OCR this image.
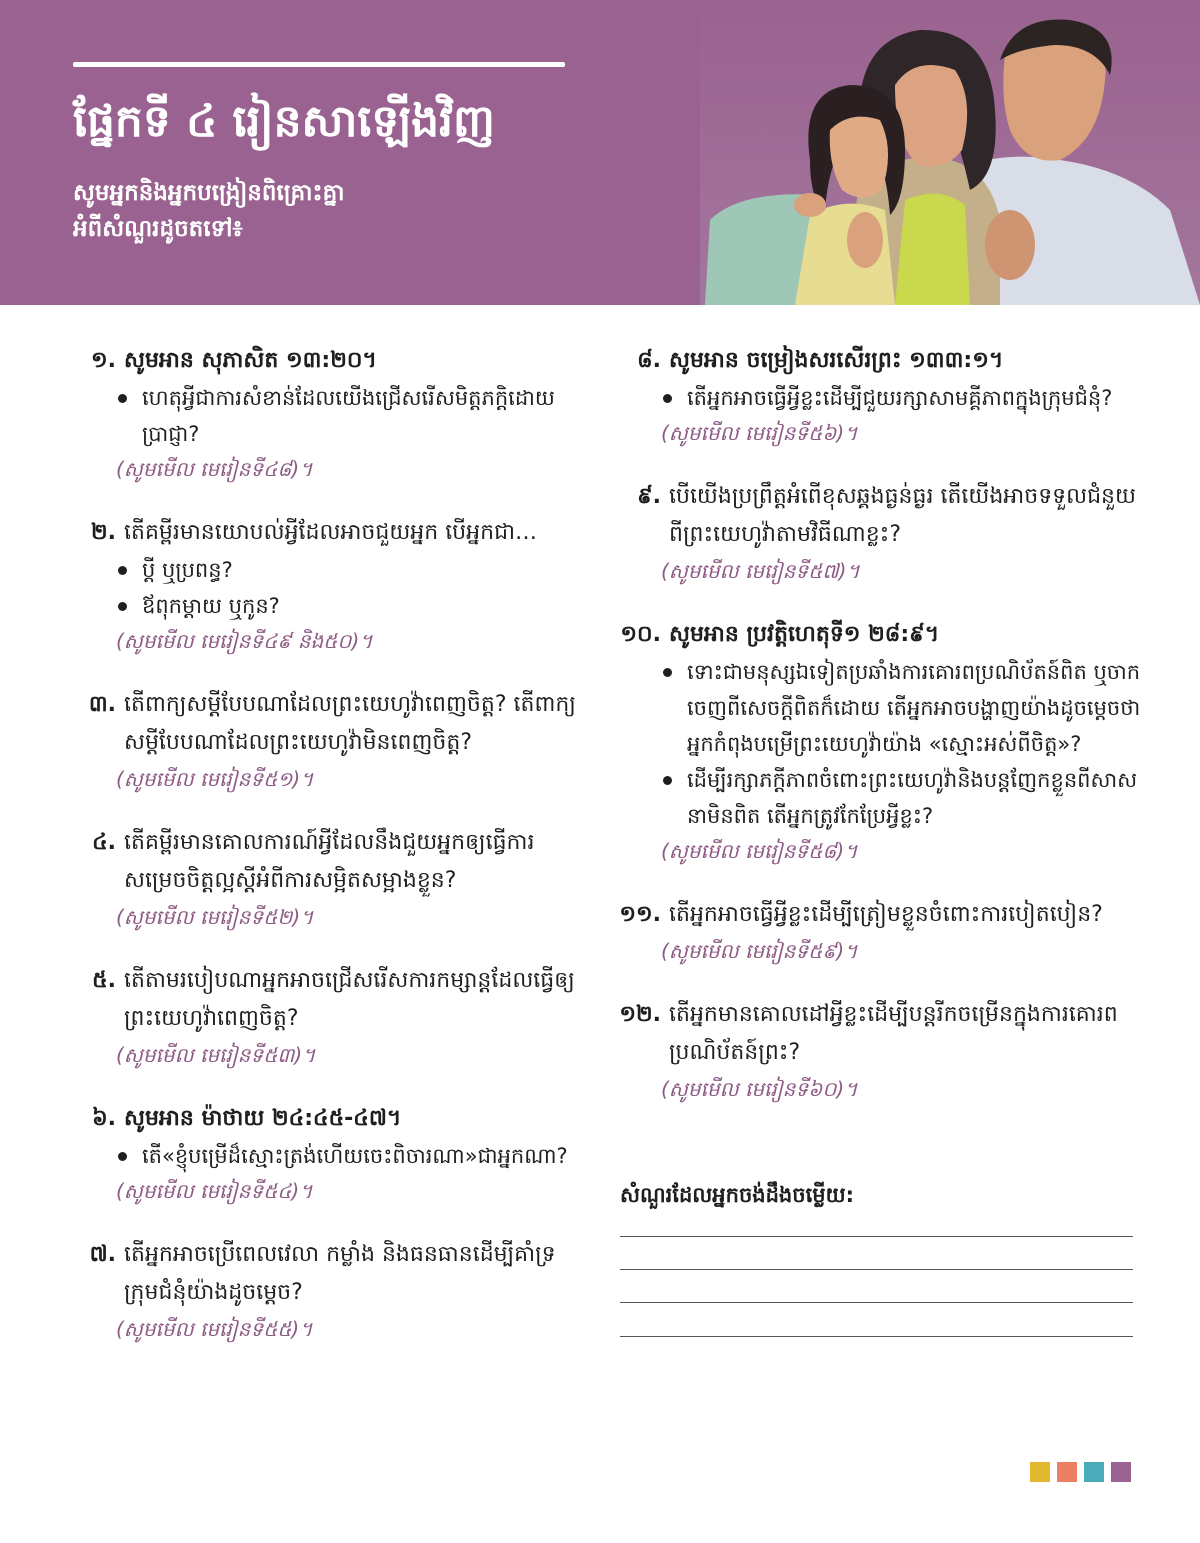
ផ្នែកទី ៤ រៀនសាឡើងវិញ

សូមអ្នកនិងអ្នកបង្រៀនពិគ្រោះគ្នា
អំពីសំណួរដូចតទៅ៖

១. សូមអាន សុភាសិត ១៣:២០។
ហេតុអ្វីជាការសំខាន់ដែលយើងជ្រើសរើសមិត្តភក្តិដោយប្រាជ្ញា?
(សូមមើល មេរៀនទី៤៨)។
២. តើគម្ពីរមានយោបល់អ្វីដែលអាចជួយអ្នក បើអ្នកជា…
ប្ដី ឬប្រពន្ធ?
ឪពុកម្ដាយ ឬកូន?
(សូមមើល មេរៀនទី៤៩ និង៥០)។
៣. តើពាក្យសម្ដីបែបណាដែលព្រះយេហូវ៉ាពេញចិត្ត? តើពាក្យសម្ដីបែបណាដែលព្រះយេហូវ៉ាមិនពេញចិត្ត?
(សូមមើល មេរៀនទី៥១)។
៤. តើគម្ពីរមានគោលការណ៍អ្វីដែលនឹងជួយអ្នកឲ្យធ្វើការសម្រេចចិត្តល្អស្ដីអំពីការសម្អិតសម្អាងខ្លួន?
(សូមមើល មេរៀនទី៥២)។
៥. តើតាមរបៀបណាអ្នកអាចជ្រើសរើសការកម្សាន្តដែលធ្វើឲ្យព្រះយេហូវ៉ាពេញចិត្ត?
(សូមមើល មេរៀនទី៥៣)។
៦. សូមអាន ម៉ាថាយ ២៤:៤៥-៤៧។
តើ«ខ្ញុំបម្រើដ៏ស្មោះត្រង់ហើយចេះពិចារណា»ជាអ្នកណា?
(សូមមើល មេរៀនទី៥៤)។
៧. តើអ្នកអាចប្រើពេលវេលា កម្លាំង និងធនធានដើម្បីគាំទ្រក្រុមជំនុំយ៉ាងដូចម្ដេច?
(សូមមើល មេរៀនទី៥៥)។
៨. សូមអាន ចម្រៀងសរសើរព្រះ ១៣៣:១។
តើអ្នកអាចធ្វើអ្វីខ្លះដើម្បីជួយរក្សាសាមគ្គីភាពក្នុងក្រុមជំនុំ?
(សូមមើល មេរៀនទី៥៦)។
៩. បើយើងប្រព្រឹត្តអំពើខុសឆ្គងធ្ងន់ធ្ងរ តើយើងអាចទទួលជំនួយពីព្រះយេហូវ៉ាតាមវិធីណាខ្លះ?
(សូមមើល មេរៀនទី៥៧)។
១០. សូមអាន ប្រវត្តិហេតុទី១ ២៨:៩។
ទោះជាមនុស្សឯទៀតប្រឆាំងការគោរពប្រណិប័តន៍ពិត ឬចាកចេញពីសេចក្ដីពិតក៏ដោយ តើអ្នកអាចបង្ហាញយ៉ាងដូចម្ដេចថា អ្នកកំពុងបម្រើព្រះយេហូវ៉ាយ៉ាង «ស្មោះអស់ពីចិត្ត»?
ដើម្បីរក្សាភក្ដីភាពចំពោះព្រះយេហូវ៉ានិងបន្ដញែកខ្លួនពីសាសនាមិនពិត តើអ្នកត្រូវកែប្រែអ្វីខ្លះ?
(សូមមើល មេរៀនទី៥៨)។
១១. តើអ្នកអាចធ្វើអ្វីខ្លះដើម្បីត្រៀមខ្លួនចំពោះការបៀតបៀន?
(សូមមើល មេរៀនទី៥៩)។
១២. តើអ្នកមានគោលដៅអ្វីខ្លះដើម្បីបន្ដរីកចម្រើនក្នុងការគោរពប្រណិប័តន៍ព្រះ?
(សូមមើល មេរៀនទី៦០)។
សំណួរដែលអ្នកចង់ដឹងចម្លើយ:
